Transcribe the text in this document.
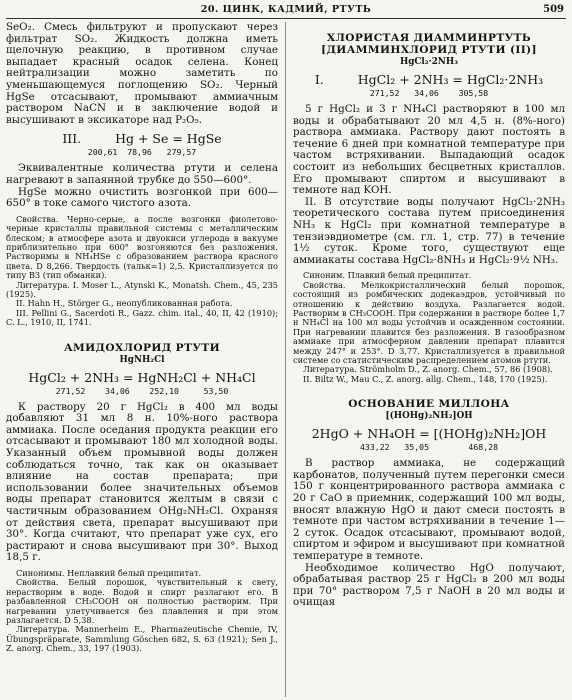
20. ЦИНК, КАДМИЙ, РТУТЬ	509

SeO₂. Смесь фильтруют и пропускают через фильтрат SO₂. Жидкость должна иметь щелочную реакцию, в противном случае выпадает красный осадок селена. Конец нейтрализации можно заметить по уменьшающемуся поглощению SO₂. Черный HgSe отсасывают, промывают аммиачным раствором NaCN и в заключение водой и высушивают в эксикаторе над P₂O₅.

III.	Hg + Se = HgSe
200,61  78,96   279,57

Эквивалентные количества ртути и селена нагревают в запаянной трубке до 550—600°.

HgSe можно очистить возгонкой при 600—650° в токе самого чистого азота.

Свойства. Черно-серые, а после возгонки фиолетово-черные кристаллы правильной системы с металлическим блеском; в атмосфере азота и двуокиси углерода в вакууме приблизительно при 600° возгоняются без разложения. Растворимы в NH₄HSe с образованием раствора красного цвета. D 8,266. Твердость (тальк=1) 2,5. Кристаллизуется по типу B3 (тип обманки).

Литература. I. Moser L., Atynski K., Monatsh. Chem., 45, 235 (1925).

II. Hahn H., Störger G., неопубликованная работа.

III. Pellini G., Sacerdoti R., Gazz. chim. ital., 40, II, 42 (1910); C. L., 1910, II, 1741.

АМИДОХЛОРИД РТУТИ
HgNH₂Cl
HgCl₂ + 2NH₃ = HgNH₂Cl + NH₄Cl
271,52    34,06    252,10     53,50

К раствору 20 г HgCl₂ в 400 мл воды добавляют 31 мл 8 н. 10%-ного раствора аммиака. После оседания продукта реакции его отсасывают и промывают 180 мл холодной воды. Указанный объем промывной воды должен соблюдаться точно, так как он оказывает влияние на состав препарата; при использовании более значительных объемов воды препарат становится желтым в связи с частичным образованием OHg₂NH₂Cl. Охраняя от действия света, препарат высушивают при 30°. Когда считают, что препарат уже сух, его растирают и снова высушивают при 30°. Выход 18,5 г.

Синонимы. Неплавкий белый преципитат.

Свойства. Белый порошок, чувствительный к свету, нерастворим в воде. Водой и спирт разлагают его. В разбавленной CH₃COOH он полностью растворим. При нагревании улетучивается без плавления и при этом разлагается. D 5,38.

Литература. Mannerheim E., Pharmazeutische Chemie, IV, Übungspräparate, Sammlung Göschen 682, S. 63 (1921); Sen J., Z. anorg. Chem., 33, 197 (1903).

ХЛОРИСТАЯ ДИАММИНРТУТЬ [ДИАММИНХЛОРИД РТУТИ (II)]
HgCl₂·2NH₃
I.	HgCl₂ + 2NH₃ = HgCl₂·2NH₃
271,52   34,06    305,58

5 г HgCl₂ и 3 г NH₄Cl растворяют в 100 мл воды и обрабатывают 20 мл 4,5 н. (8%-ного) раствора аммиака. Раствору дают постоять в течение 6 дней при комнатной температуре при частом встряхивании. Выпадающий осадок состоит из небольших бесцветных кристаллов. Его промывают спиртом и высушивают в темноте над KOH.

II. В отсутствие воды получают HgCl₂·2NH₃ теоретического состава путем присоединения NH₃ к HgCl₂ при комнатной температуре в тензиэвдиометре (см. гл. 1, стр. 77) в течение 1½ суток. Кроме того, существуют еще аммиакаты состава HgCl₂·8NH₃ и HgCl₂·9½ NH₃.

Синоним. Плавкий белый преципитат.

Свойства. Мелкокристаллический белый порошок, состоящий из ромбических додекаэдров, устойчивый по отношению к действию воздуха. Разлагается водой. Растворим в CH₃COOH. При содержании в растворе более 1,7 н NH₄Cl на 100 мл воды устойчив и осажденном состоянии. При нагревании плавится без разложения. В газообразном аммиаке при атмосферном давлении препарат плавится между 247° и 253°. D 3,77. Кристаллизуется в правильной системе со статистическим распределением атомов ртути.

Литература. Strömholm D., Z. anorg. Chem., 57, 86 (1908).

II. Biltz W., Mau C., Z. anorg. allg. Chem., 148, 170 (1925).

ОСНОВАНИЕ МИЛЛОНА
[(HOHg)₂NH₂]OH
2HgO + NH₄OH = [(HOHg)₂NH₂]OH
433,22   35,05        468,28

В раствор аммиака, не содержащий карбонатов, полученный путем перегонки смеси 150 г концентрированного раствора аммиака с 20 г CaO в приемник, содержащий 100 мл воды, вносят влажную HgO и дают смеси постоять в темноте при частом встряхивании в течение 1—2 суток. Осадок отсасывают, промывают водой, спиртом и эфиром и высушивают при комнатной температуре в темноте.

Необходимое количество HgO получают, обрабатывая раствор 25 г HgCl₂ в 200 мл воды при 70° раствором 7,5 г NaOH в 20 мл воды и очищая
